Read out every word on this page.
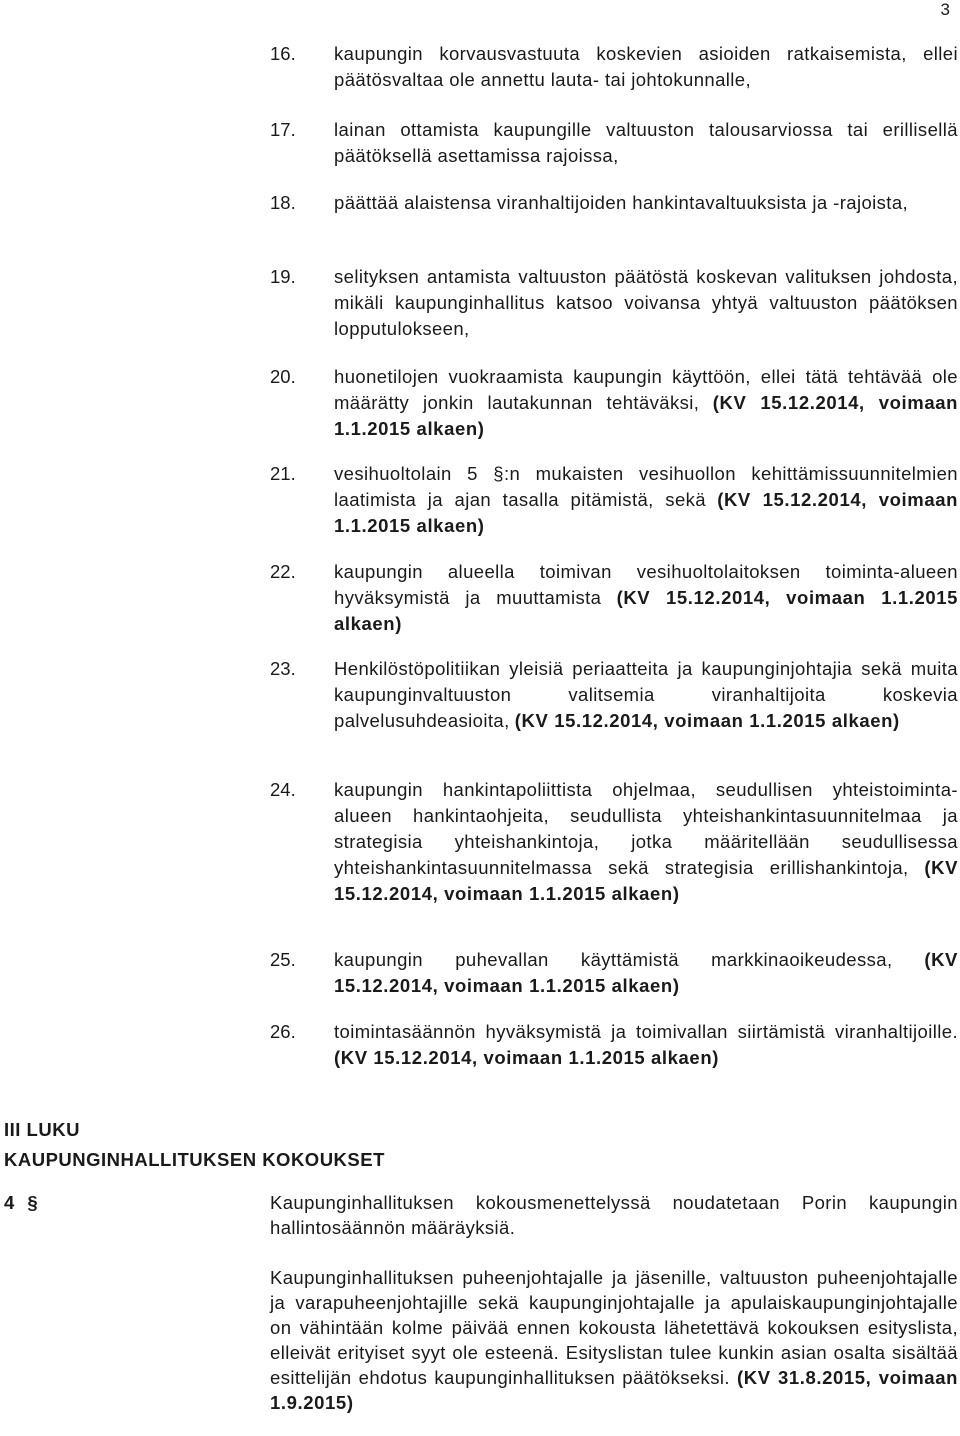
3
16.	kaupungin korvausvastuuta koskevien asioiden ratkaisemista, ellei päätösvaltaa ole annettu lauta- tai johtokunnalle,
17.	lainan ottamista kaupungille valtuuston talousarviossa tai erillisellä päätöksellä asettamissa rajoissa,
18.	päättää alaistensa viranhaltijoiden hankintavaltuuksista ja -rajoista,
19.	selityksen antamista valtuuston päätöstä koskevan valituksen johdosta, mikäli kaupunginhallitus katsoo voivansa yhtyä valtuuston päätöksen lopputulokseen,
20.	huonetilojen vuokraamista kaupungin käyttöön, ellei tätä tehtävää ole määrätty jonkin lautakunnan tehtäväksi, (KV 15.12.2014, voimaan 1.1.2015 alkaen)
21.	vesihuoltolain 5 §:n mukaisten vesihuollon kehittämissuunnitelmien laatimista ja ajan tasalla pitämistä, sekä (KV 15.12.2014, voimaan 1.1.2015 alkaen)
22.	kaupungin alueella toimivan vesihuoltolaitoksen toiminta-alueen hyväksymistä ja muuttamista (KV 15.12.2014, voimaan 1.1.2015 alkaen)
23.	Henkilöstöpolitiikan yleisiä periaatteita ja kaupunginjohtajia sekä muita kaupunginvaltuuston valitsemia viranhaltijoita koskevia palvelusuhdeasioita, (KV 15.12.2014, voimaan 1.1.2015 alkaen)
24.	kaupungin hankintapoliittista ohjelmaa, seudullisen yhteistoiminta-alueen hankintaohjeita, seudullista yhteishankintasuunnitelmaa ja strategisia yhteishankintoja, jotka määritellään seudullisessa yhteishankintasuunnitelmassa sekä strategisia erillishankintoja, (KV 15.12.2014, voimaan 1.1.2015 alkaen)
25.	kaupungin puhevallan käyttämistä markkinaoikeudessa, (KV 15.12.2014, voimaan 1.1.2015 alkaen)
26.	toimintasäännön hyväksymistä ja toimivallan siirtämistä viranhaltijoille. (KV 15.12.2014, voimaan 1.1.2015 alkaen)
III LUKU
KAUPUNGINHALLITUKSEN KOKOUKSET
4 §	Kaupunginhallituksen kokousmenettelyssä noudatetaan Porin kaupungin hallintosäännön määräyksiä.
Kaupunginhallituksen puheenjohtajalle ja jäsenille, valtuuston puheenjohtajalle ja varapuheenjohtajille sekä kaupunginjohtajalle ja apulaiskaupunginjohtajalle on vähintään kolme päivää ennen kokousta lähetettävä kokouksen esityslista, elleivät erityiset syyt ole esteenä. Esityslistan tulee kunkin asian osalta sisältää esittelijän ehdotus kaupunginhallituksen päätökseksi. (KV 31.8.2015, voimaan 1.9.2015)
